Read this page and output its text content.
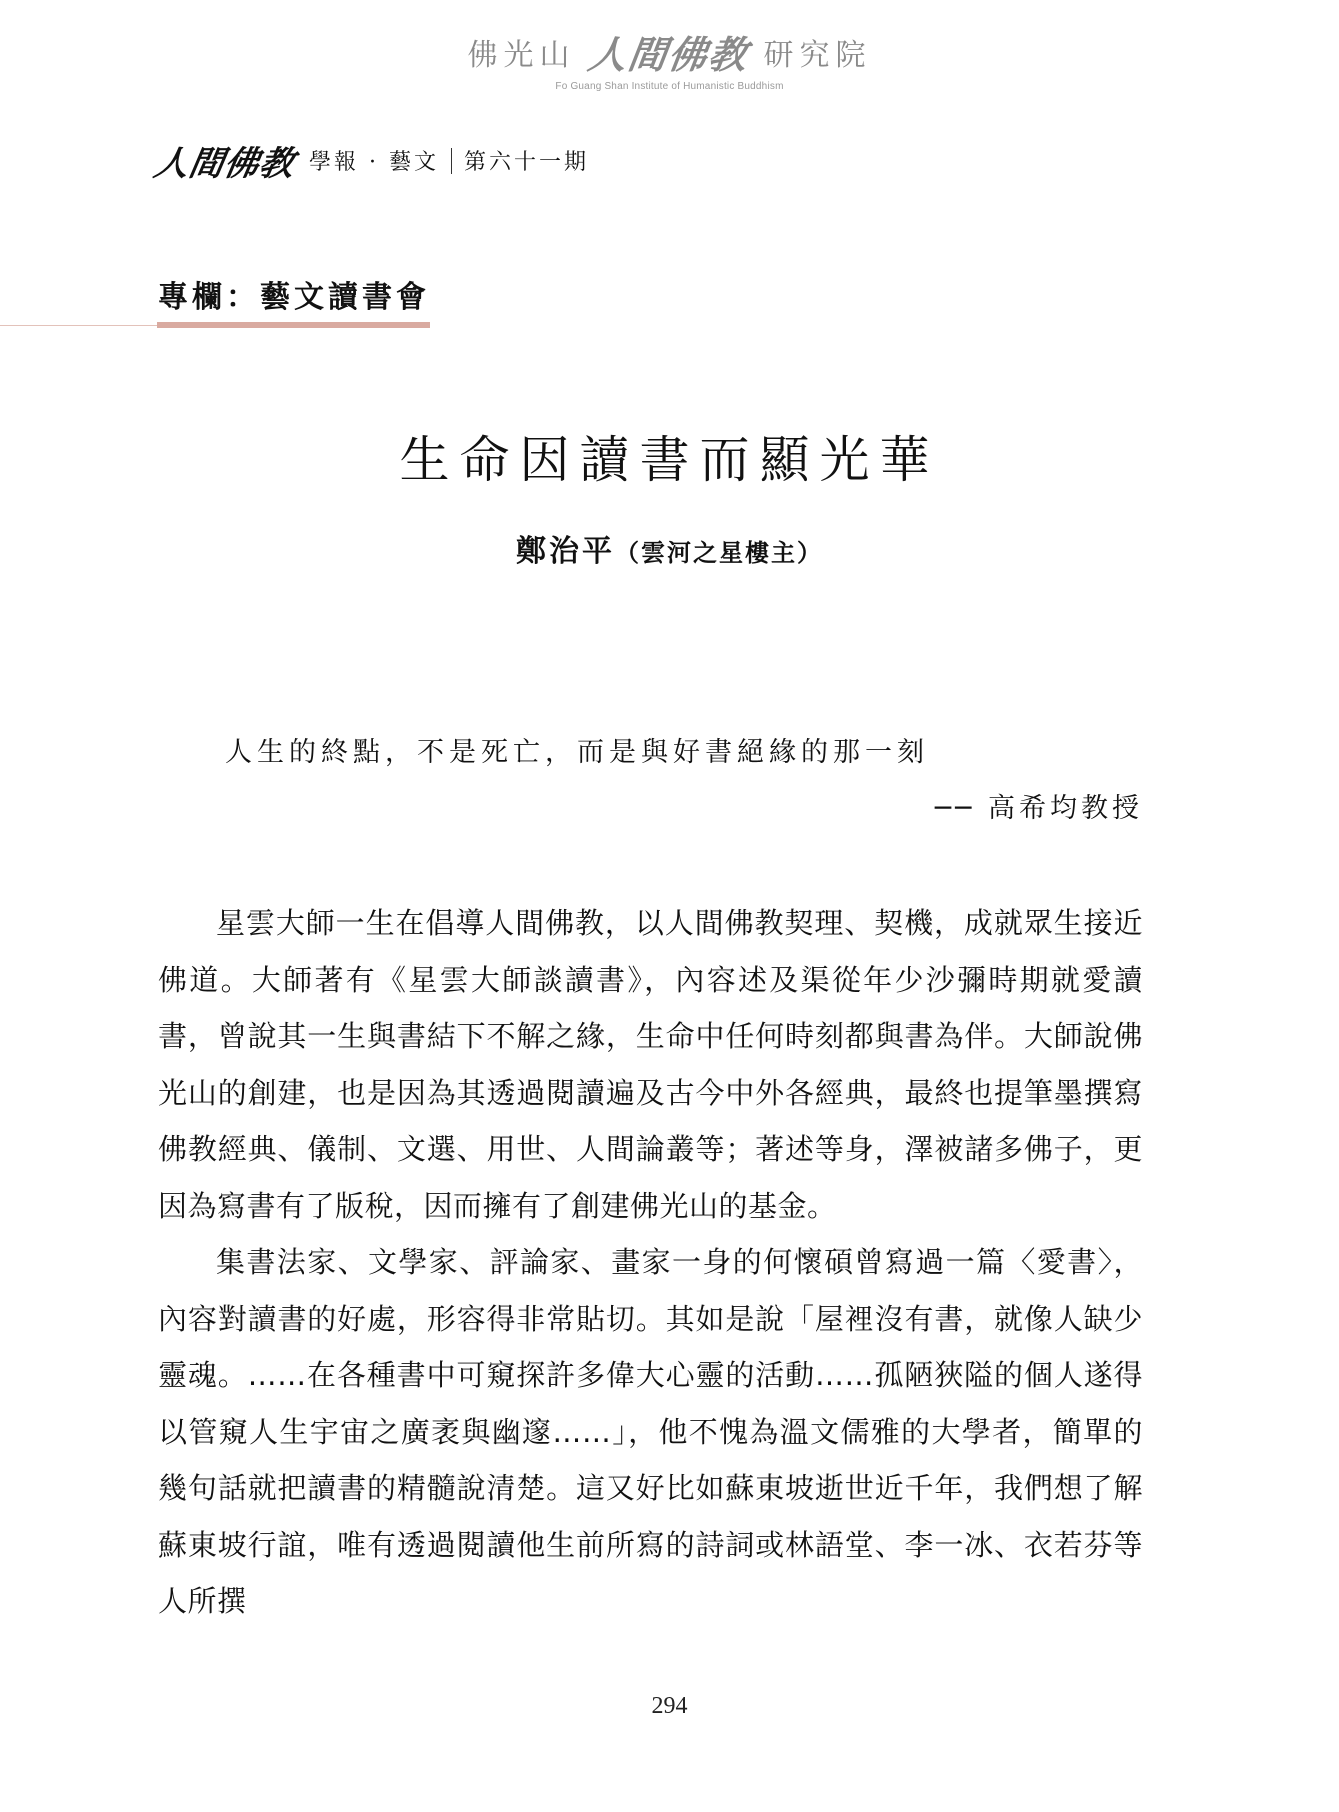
佛光山 人間佛教 研究院
Fo Guang Shan Institute of Humanistic Buddhism
人間佛教 學報 · 藝文 第六十一期
專欄：藝文讀書會
生命因讀書而顯光華
鄭治平（雲河之星樓主）
人生的終點，不是死亡，而是與好書絕緣的那一刻
── 高希均教授

星雲大師一生在倡導人間佛教，以人間佛教契理、契機，成就眾生接近佛道。大師著有《星雲大師談讀書》，內容述及渠從年少沙彌時期就愛讀書，曾說其一生與書結下不解之緣，生命中任何時刻都與書為伴。大師說佛光山的創建，也是因為其透過閱讀遍及古今中外各經典，最終也提筆墨撰寫佛教經典、儀制、文選、用世、人間論叢等；著述等身，澤被諸多佛子，更因為寫書有了版稅，因而擁有了創建佛光山的基金。

集書法家、文學家、評論家、畫家一身的何懷碩曾寫過一篇〈愛書〉，內容對讀書的好處，形容得非常貼切。其如是說「屋裡沒有書，就像人缺少靈魂。……在各種書中可窺探許多偉大心靈的活動……孤陋狹隘的個人遂得以管窺人生宇宙之廣袤與幽邃……」，他不愧為溫文儒雅的大學者，簡單的幾句話就把讀書的精髓說清楚。這又好比如蘇東坡逝世近千年，我們想了解蘇東坡行誼，唯有透過閱讀他生前所寫的詩詞或林語堂、李一冰、衣若芬等人所撰

294
